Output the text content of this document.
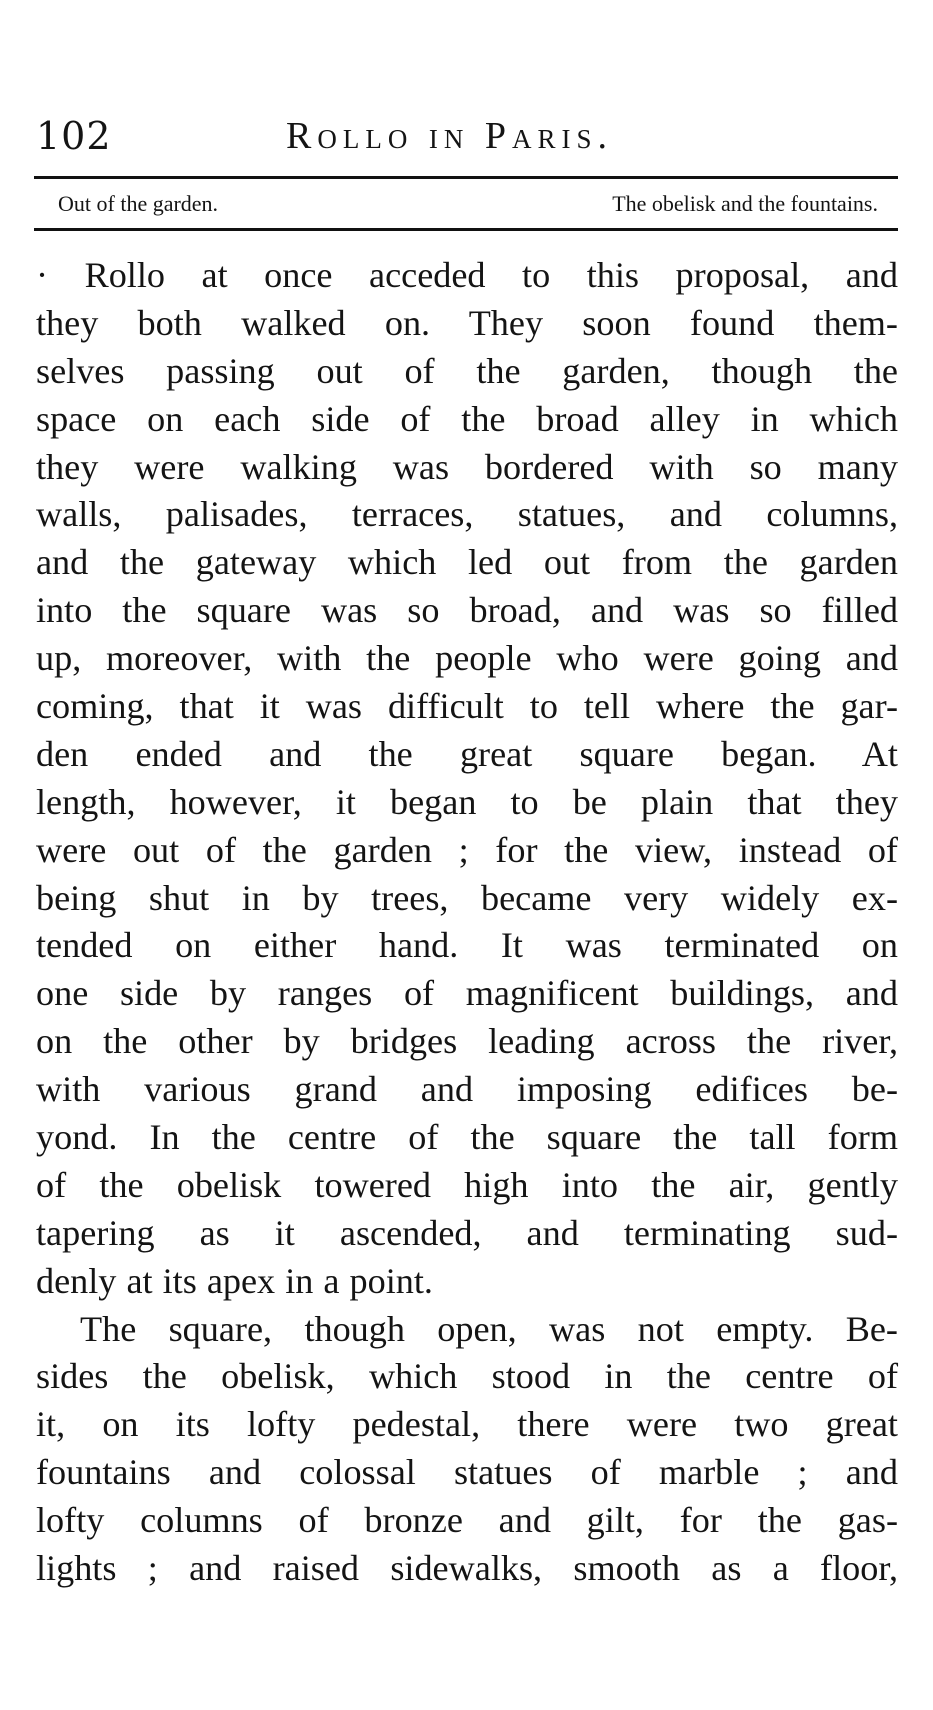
102	Rollo in Paris.
Out of the garden.	The obelisk and the fountains.
· Rollo at once acceded to this proposal, and
they both walked on. They soon found them-
selves passing out of the garden, though the
space on each side of the broad alley in which
they were walking was bordered with so many
walls, palisades, terraces, statues, and columns,
and the gateway which led out from the garden
into the square was so broad, and was so filled
up, moreover, with the people who were going and
coming, that it was difficult to tell where the gar-
den ended and the great square began. At
length, however, it began to be plain that they
were out of the garden ; for the view, instead of
being shut in by trees, became very widely ex-
tended on either hand. It was terminated on
one side by ranges of magnificent buildings, and
on the other by bridges leading across the river,
with various grand and imposing edifices be-
yond. In the centre of the square the tall form
of the obelisk towered high into the air, gently
tapering as it ascended, and terminating sud-
denly at its apex in a point.
The square, though open, was not empty. Be-
sides the obelisk, which stood in the centre of
it, on its lofty pedestal, there were two great
fountains and colossal statues of marble ; and
lofty columns of bronze and gilt, for the gas-
lights ; and raised sidewalks, smooth as a floor,
